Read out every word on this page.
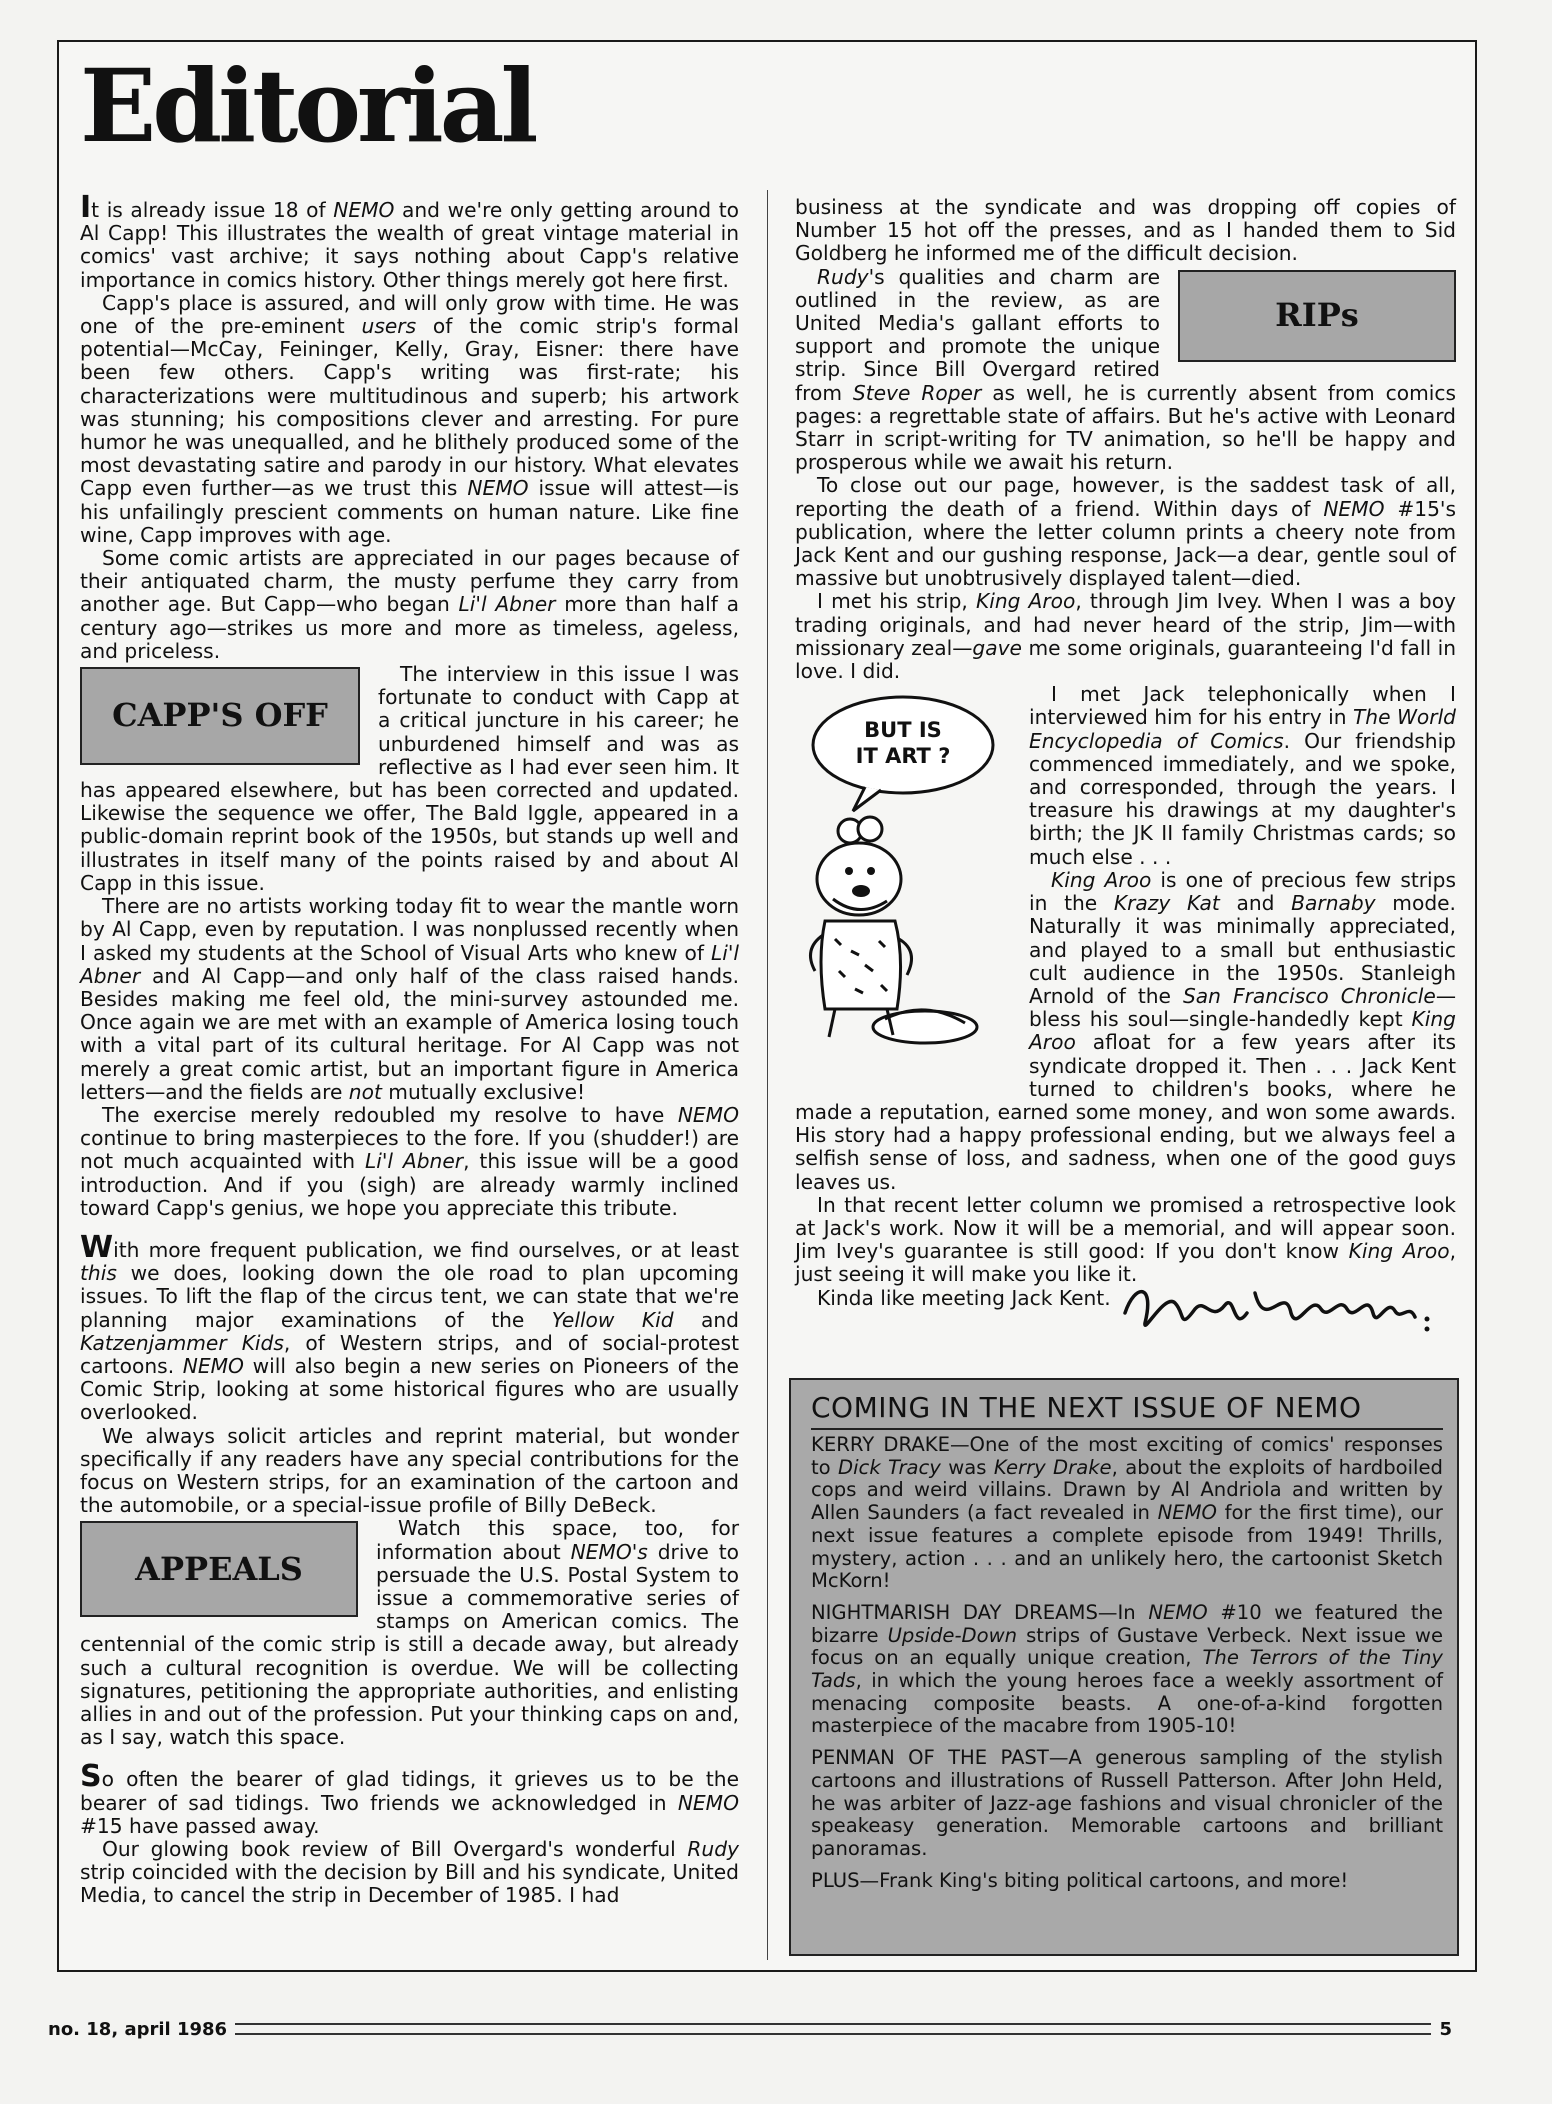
Editorial

It is already issue 18 of NEMO and we're only getting around to Al Capp! This illustrates the wealth of great vintage material in comics' vast archive; it says nothing about Capp's relative importance in comics history. Other things merely got here first.

Capp's place is assured, and will only grow with time. He was one of the pre-eminent users of the comic strip's formal potential—McCay, Feininger, Kelly, Gray, Eisner: there have been few others. Capp's writing was first-rate; his characterizations were multitudinous and superb; his artwork was stunning; his compositions clever and arresting. For pure humor he was unequalled, and he blithely produced some of the most devastating satire and parody in our history. What elevates Capp even further—as we trust this NEMO issue will attest—is his unfailingly prescient comments on human nature. Like fine wine, Capp improves with age.

Some comic artists are appreciated in our pages because of their antiquated charm, the musty perfume they carry from another age. But Capp—who began Li'l Abner more than half a century ago—strikes us more and more as timeless, ageless, and priceless.

CAPP'S OFF

The interview in this issue I was fortunate to conduct with Capp at a critical juncture in his career; he unburdened himself and was as reflective as I had ever seen him. It has appeared elsewhere, but has been corrected and updated. Likewise the sequence we offer, The Bald Iggle, appeared in a public-domain reprint book of the 1950s, but stands up well and illustrates in itself many of the points raised by and about Al Capp in this issue.

There are no artists working today fit to wear the mantle worn by Al Capp, even by reputation. I was nonplussed recently when I asked my students at the School of Visual Arts who knew of Li'l Abner and Al Capp—and only half of the class raised hands. Besides making me feel old, the mini-survey astounded me. Once again we are met with an example of America losing touch with a vital part of its cultural heritage. For Al Capp was not merely a great comic artist, but an important figure in America letters—and the fields are not mutually exclusive!

The exercise merely redoubled my resolve to have NEMO continue to bring masterpieces to the fore. If you (shudder!) are not much acquainted with Li'l Abner, this issue will be a good introduction. And if you (sigh) are already warmly inclined toward Capp's genius, we hope you appreciate this tribute.

With more frequent publication, we find ourselves, or at least this we does, looking down the ole road to plan upcoming issues. To lift the flap of the circus tent, we can state that we're planning major examinations of the Yellow Kid and Katzenjammer Kids, of Western strips, and of social-protest cartoons. NEMO will also begin a new series on Pioneers of the Comic Strip, looking at some historical figures who are usually overlooked.

We always solicit articles and reprint material, but wonder specifically if any readers have any special contributions for the focus on Western strips, for an examination of the cartoon and the automobile, or a special-issue profile of Billy DeBeck.

APPEALS

Watch this space, too, for information about NEMO's drive to persuade the U.S. Postal System to issue a commemorative series of stamps on American comics. The centennial of the comic strip is still a decade away, but already such a cultural recognition is overdue. We will be collecting signatures, petitioning the appropriate authorities, and enlisting allies in and out of the profession. Put your thinking caps on and, as I say, watch this space.

So often the bearer of glad tidings, it grieves us to be the bearer of sad tidings. Two friends we acknowledged in NEMO #15 have passed away.

Our glowing book review of Bill Overgard's wonderful Rudy strip coincided with the decision by Bill and his syndicate, United Media, to cancel the strip in December of 1985. I had

business at the syndicate and was dropping off copies of Number 15 hot off the presses, and as I handed them to Sid Goldberg he informed me of the difficult decision.

RIPs

Rudy's qualities and charm are outlined in the review, as are United Media's gallant efforts to support and promote the unique strip. Since Bill Overgard retired from Steve Roper as well, he is currently absent from comics pages: a regrettable state of affairs. But he's active with Leonard Starr in script-writing for TV animation, so he'll be happy and prosperous while we await his return.

To close out our page, however, is the saddest task of all, reporting the death of a friend. Within days of NEMO #15's publication, where the letter column prints a cheery note from Jack Kent and our gushing response, Jack—a dear, gentle soul of massive but unobtrusively displayed talent—died.

I met his strip, King Aroo, through Jim Ivey. When I was a boy trading originals, and had never heard of the strip, Jim—with missionary zeal—gave me some originals, guaranteeing I'd fall in love. I did.

BUT IS
IT ART ?

I met Jack telephonically when I interviewed him for his entry in The World Encyclopedia of Comics. Our friendship commenced immediately, and we spoke, and corresponded, through the years. I treasure his drawings at my daughter's birth; the JK II family Christmas cards; so much else . . .

King Aroo is one of precious few strips in the Krazy Kat and Barnaby mode. Naturally it was minimally appreciated, and played to a small but enthusiastic cult audience in the 1950s. Stanleigh Arnold of the San Francisco Chronicle—bless his soul—single-handedly kept King Aroo afloat for a few years after its syndicate dropped it. Then . . . Jack Kent turned to children's books, where he made a reputation, earned some money, and won some awards. His story had a happy professional ending, but we always feel a selfish sense of loss, and sadness, when one of the good guys leaves us.

In that recent letter column we promised a retrospective look at Jack's work. Now it will be a memorial, and will appear soon. Jim Ivey's guarantee is still good: If you don't know King Aroo, just seeing it will make you like it.

Kinda like meeting Jack Kent.
COMING IN THE NEXT ISSUE OF NEMO

KERRY DRAKE—One of the most exciting of comics' responses to Dick Tracy was Kerry Drake, about the exploits of hardboiled cops and weird villains. Drawn by Al Andriola and written by Allen Saunders (a fact revealed in NEMO for the first time), our next issue features a complete episode from 1949! Thrills, mystery, action . . . and an unlikely hero, the cartoonist Sketch McKorn!

NIGHTMARISH DAY DREAMS—In NEMO #10 we featured the bizarre Upside-Down strips of Gustave Verbeck. Next issue we focus on an equally unique creation, The Terrors of the Tiny Tads, in which the young heroes face a weekly assortment of menacing composite beasts. A one-of-a-kind forgotten masterpiece of the macabre from 1905-10!

PENMAN OF THE PAST—A generous sampling of the stylish cartoons and illustrations of Russell Patterson. After John Held, he was arbiter of Jazz-age fashions and visual chronicler of the speakeasy generation. Memorable cartoons and brilliant panoramas.

PLUS—Frank King's biting political cartoons, and more!

no. 18, april 1986	5
